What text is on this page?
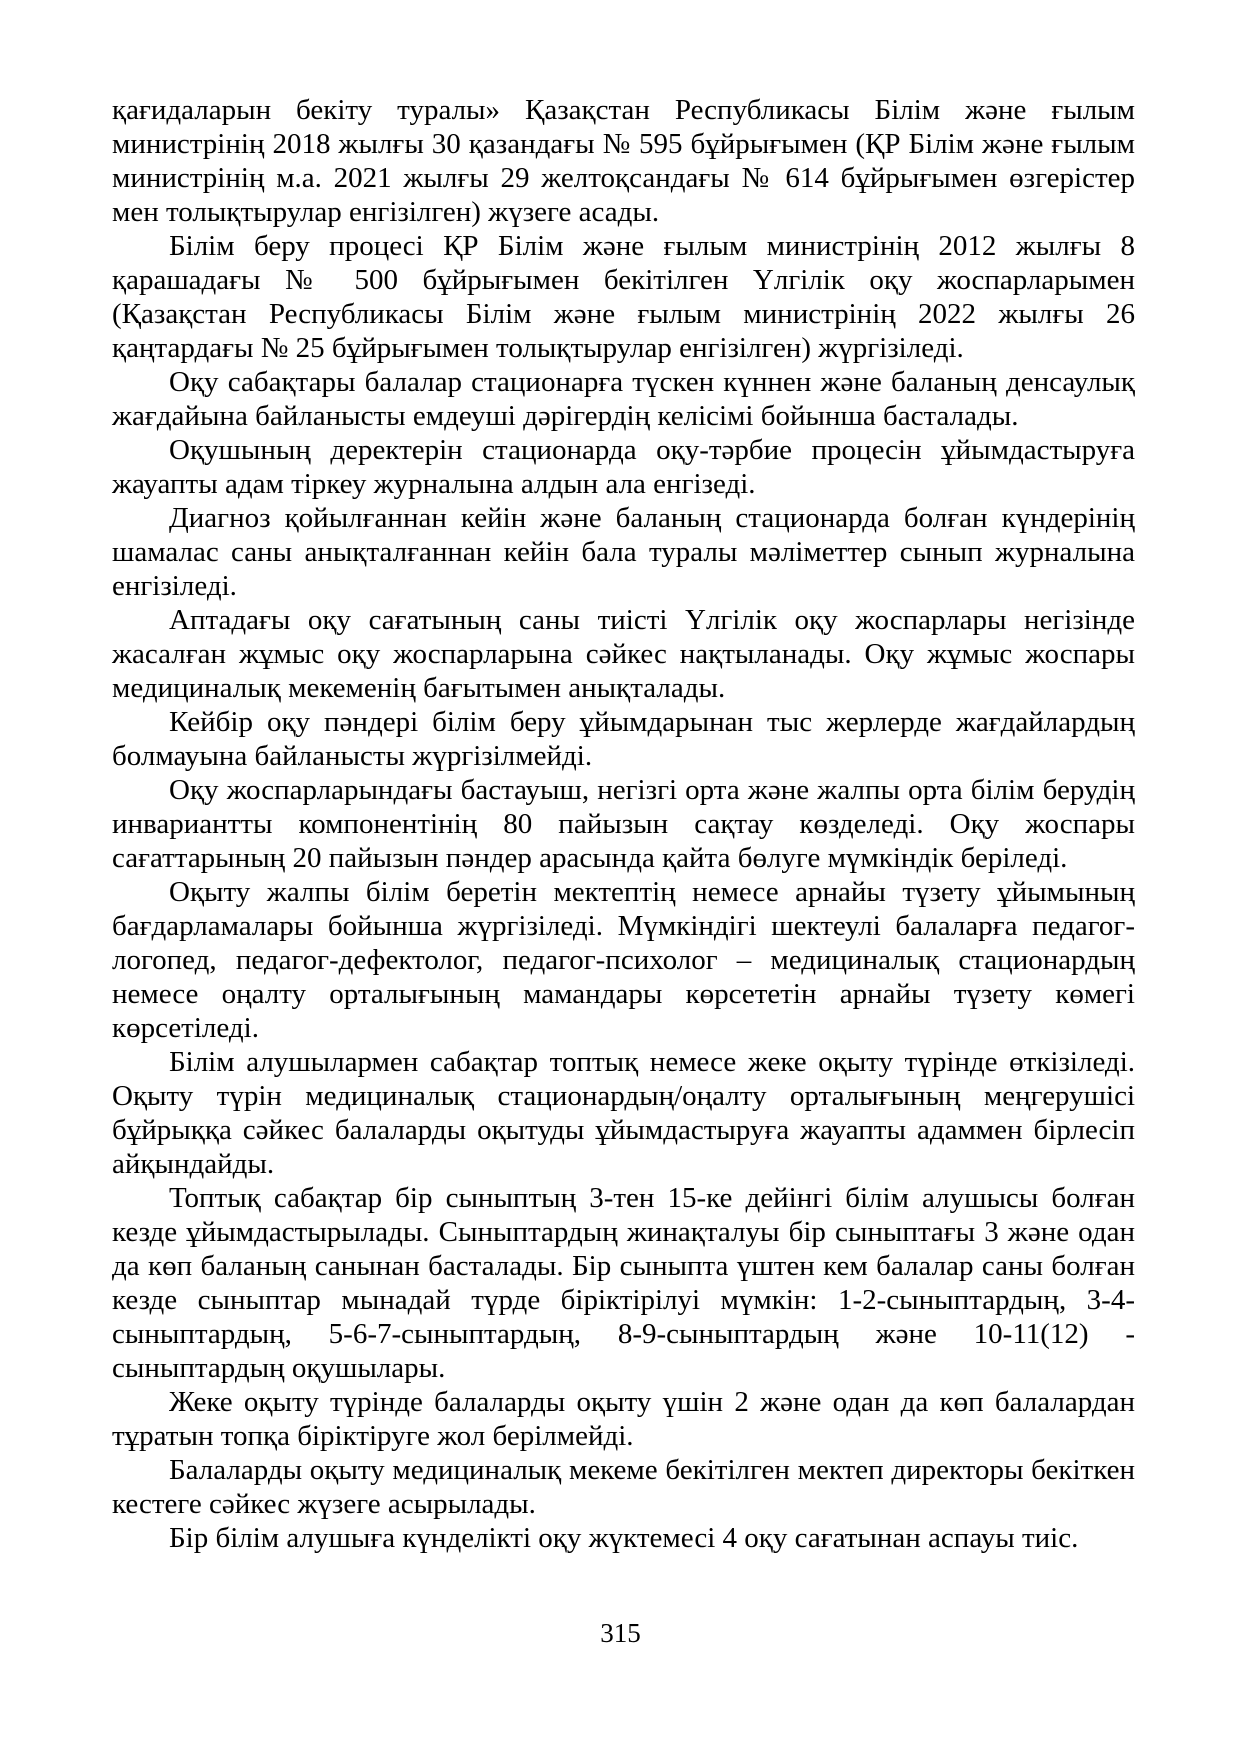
қағидаларын бекіту туралы» Қазақстан Республикасы Білім және ғылым министрінің 2018 жылғы 30 қазандағы № 595 бұйрығымен (ҚР Білім және ғылым министрінің м.а. 2021 жылғы 29 желтоқсандағы № 614 бұйрығымен өзгерістер мен толықтырулар енгізілген) жүзеге асады.

Білім беру процесі ҚР Білім және ғылым министрінің 2012 жылғы 8 қарашадағы № 500 бұйрығымен бекітілген Үлгілік оқу жоспарларымен (Қазақстан Республикасы Білім және ғылым министрінің 2022 жылғы 26 қаңтардағы № 25 бұйрығымен толықтырулар енгізілген) жүргізіледі.

Оқу сабақтары балалар стационарға түскен күннен және баланың денсаулық жағдайына байланысты емдеуші дәрігердің келісімі бойынша басталады.

Оқушының деректерін стационарда оқу-тәрбие процесін ұйымдастыруға жауапты адам тіркеу журналына алдын ала енгізеді.

Диагноз қойылғаннан кейін және баланың стационарда болған күндерінің шамалас саны анықталғаннан кейін бала туралы мәліметтер сынып журналына енгізіледі.

Аптадағы оқу сағатының саны тиісті Үлгілік оқу жоспарлары негізінде жасалған жұмыс оқу жоспарларына сәйкес нақтыланады. Оқу жұмыс жоспары медициналық мекеменің бағытымен анықталады.

Кейбір оқу пәндері білім беру ұйымдарынан тыс жерлерде жағдайлардың болмауына байланысты жүргізілмейді.

Оқу жоспарларындағы бастауыш, негізгі орта және жалпы орта білім берудің инвариантты компонентінің 80 пайызын сақтау көзделеді. Оқу жоспары сағаттарының 20 пайызын пәндер арасында қайта бөлуге мүмкіндік беріледі.

Оқыту жалпы білім беретін мектептің немесе арнайы түзету ұйымының бағдарламалары бойынша жүргізіледі. Мүмкіндігі шектеулі балаларға педагог-логопед, педагог-дефектолог, педагог-психолог – медициналық стационардың немесе оңалту орталығының мамандары көрсететін арнайы түзету көмегі көрсетіледі.

Білім алушылармен сабақтар топтық немесе жеке оқыту түрінде өткізіледі. Оқыту түрін медициналық стационардың/оңалту орталығының меңгерушісі бұйрыққа сәйкес балаларды оқытуды ұйымдастыруға жауапты адаммен бірлесіп айқындайды.

Топтық сабақтар бір сыныптың 3-тен 15-ке дейінгі білім алушысы болған кезде ұйымдастырылады. Сыныптардың жинақталуы бір сыныптағы 3 және одан да көп баланың санынан басталады. Бір сыныпта үштен кем балалар саны болған кезде сыныптар мынадай түрде біріктірілуі мүмкін: 1-2-сыныптардың, 3-4-сыныптардың, 5-6-7-сыныптардың, 8-9-сыныптардың және 10-11(12) - сыныптардың оқушылары.

Жеке оқыту түрінде балаларды оқыту үшін 2 және одан да көп балалардан тұратын топқа біріктіруге жол берілмейді.

Балаларды оқыту медициналық мекеме бекітілген мектеп директоры бекіткен кестеге сәйкес жүзеге асырылады.

Бір білім алушыға күнделікті оқу жүктемесі 4 оқу сағатынан аспауы тиіс.

315
